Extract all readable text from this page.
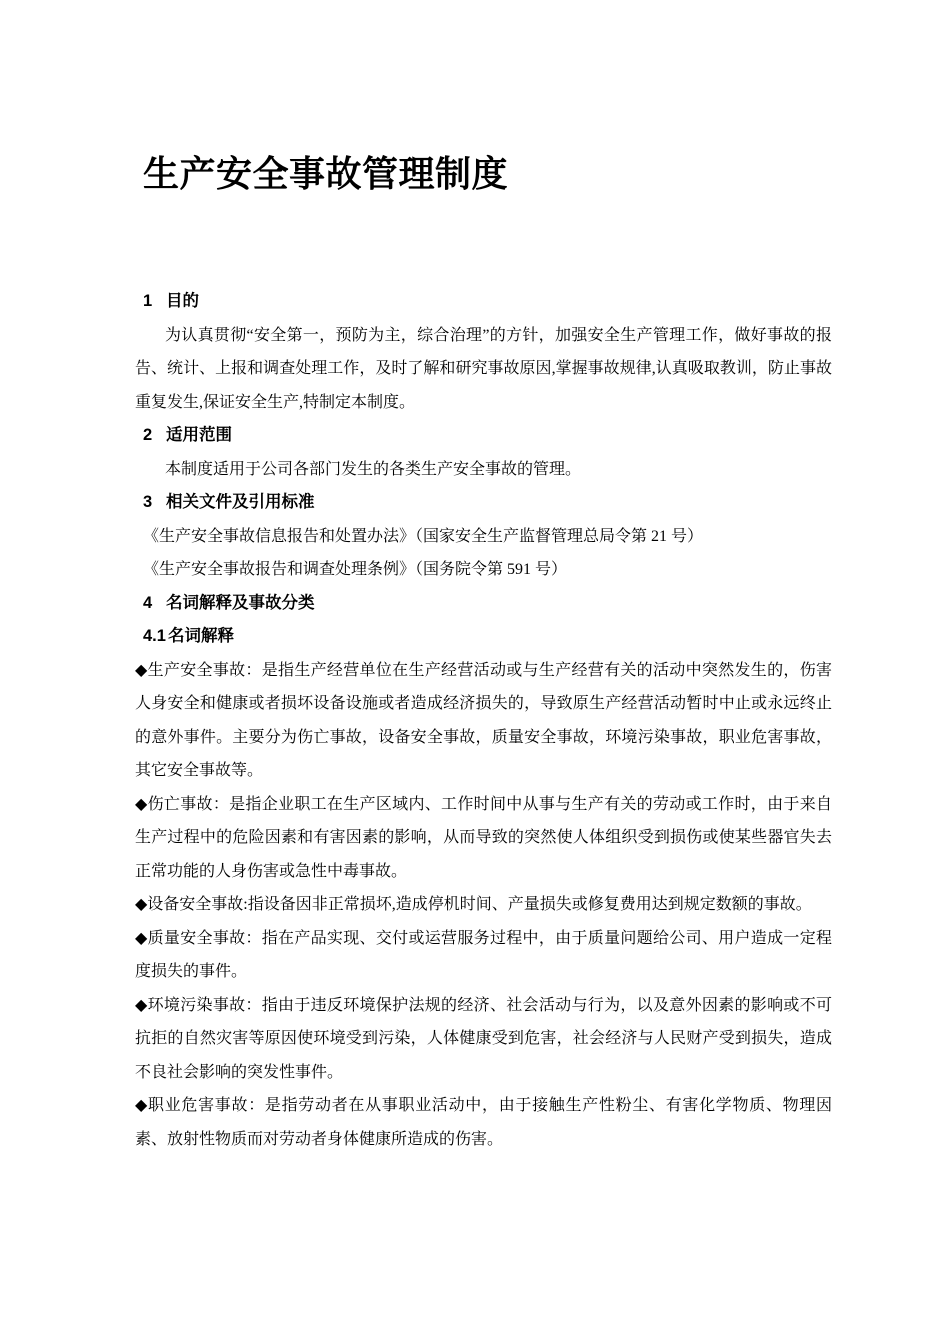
生产安全事故管理制度
1 目的

为认真贯彻“安全第一，预防为主，综合治理”的方针，加强安全生产管理工作，做好事故的报告、统计、上报和调查处理工作，及时了解和研究事故原因,掌握事故规律,认真吸取教训，防止事故重复发生,保证安全生产,特制定本制度。

2 适用范围

本制度适用于公司各部门发生的各类生产安全事故的管理。

3 相关文件及引用标准

《生产安全事故信息报告和处置办法》（国家安全生产监督管理总局令第 21 号）

《生产安全事故报告和调查处理条例》（国务院令第 591 号）

4 名词解释及事故分类
4.1 名词解释

◆生产安全事故：是指生产经营单位在生产经营活动或与生产经营有关的活动中突然发生的，伤害人身安全和健康或者损坏设备设施或者造成经济损失的，导致原生产经营活动暂时中止或永远终止的意外事件。主要分为伤亡事故，设备安全事故，质量安全事故，环境污染事故，职业危害事故，其它安全事故等。

◆伤亡事故：是指企业职工在生产区域内、工作时间中从事与生产有关的劳动或工作时，由于来自生产过程中的危险因素和有害因素的影响，从而导致的突然使人体组织受到损伤或使某些器官失去正常功能的人身伤害或急性中毒事故。

◆设备安全事故:指设备因非正常损坏,造成停机时间、产量损失或修复费用达到规定数额的事故。

◆质量安全事故：指在产品实现、交付或运营服务过程中，由于质量问题给公司、用户造成一定程度损失的事件。

◆环境污染事故：指由于违反环境保护法规的经济、社会活动与行为，以及意外因素的影响或不可抗拒的自然灾害等原因使环境受到污染，人体健康受到危害，社会经济与人民财产受到损失，造成不良社会影响的突发性事件。

◆职业危害事故：是指劳动者在从事职业活动中，由于接触生产性粉尘、有害化学物质、物理因素、放射性物质而对劳动者身体健康所造成的伤害。
